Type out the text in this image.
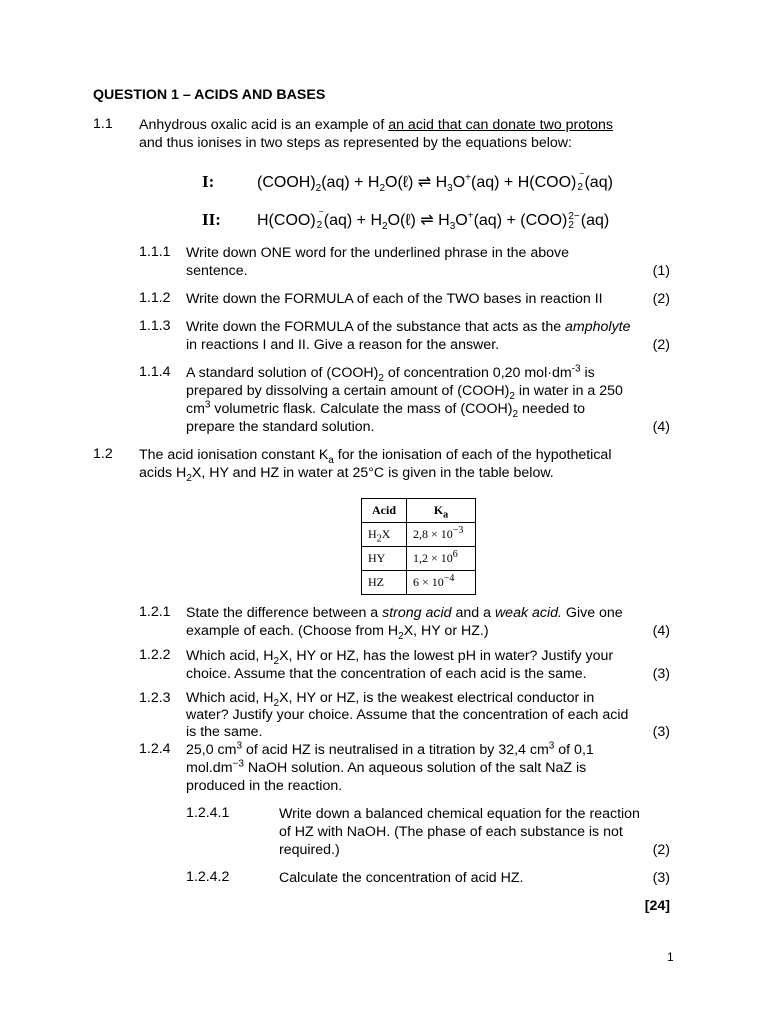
QUESTION 1 – ACIDS AND BASES
1.1 Anhydrous oxalic acid is an example of an acid that can donate two protons
and thus ionises in two steps as represented by the equations below:
I:	$(COOH)_2(aq)$ + $H_2O(\ell)$ ⇌ $H_3O^+(aq) + H(COO)$ ‾
2(aq)
II: H(COO) ‾
$2(aq) + H_2O(\ell)$ ⇌ $H_3O^+(aq) + (COO)2-$
2 (aq)
1.1.1 Write down ONE word for the underlined phrase in the above
sentence.	(1)
1.1.2 Write down the FORMULA of each of the TWO bases in reaction II	(2)
1.1.3 Write down the FORMULA of the substance that acts as the ampholyte
in reactions I and II. Give a reason for the answer.	(2)
1.1.4 A standard solution of $(COOH)_2$ of concentration 0,20 $mol\cdot dm^{-3}$ is
prepared by dissolving a certain amount of $(COOH)_2$ in water in a 250
$cm^3$ volumetric flask. Calculate the mass of $(COOH)_2$ needed to
prepare the standard solution.	(4)
1.2 The acid ionisation constant $K_a$ for the ionisation of each of the hypothetical
acids $H_2X$, HY and HZ in water at 25°C is given in the table below.
Acid	$K_a$
$H_2X$	$2,8 \times 10^{-3}$
HY	$1,2 \times 10^6$
HZ	$6 \times 10^{-4}$
1.2.1 State the difference between a strong acid and a weak acid. Give one
example of each. (Choose from $H_2X$, HY or HZ.)	(4)
1.2.2 Which acid, $H_2X$, HY or HZ, has the lowest pH in water? Justify your
choice. Assume that the concentration of each acid is the same.	(3)
1.2.3 Which acid, $H_2X$, HY or HZ, is the weakest electrical conductor in
water? Justify your choice. Assume that the concentration of each acid
is the same.	(3)
1.2.4 25,0 $cm^3$ of acid HZ is neutralised in a titration by 32,4 $cm^3$ of 0,1
$mol.dm^{-3}$ NaOH solution. An aqueous solution of the salt NaZ is
produced in the reaction.
1.2.4.1	Write down a balanced chemical equation for the reaction
of HZ with NaOH. (The phase of each substance is not
required.)	(2)
1.2.4.2	Calculate the concentration of acid HZ.	(3)
[24]
1
